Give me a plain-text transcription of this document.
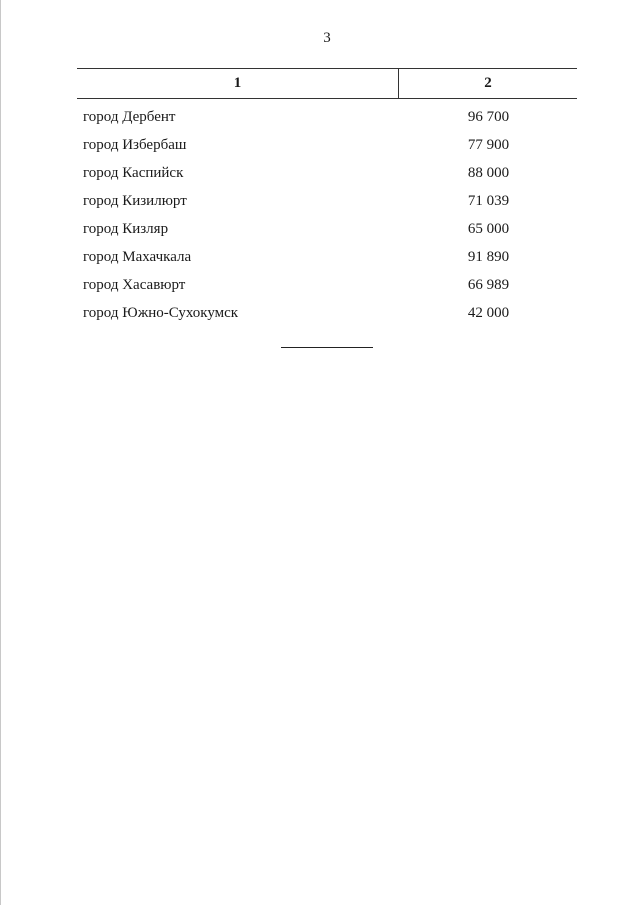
3
1	2
город Дербент	96 700
город Избербаш	77 900
город Каспийск	88 000
город Кизилюрт	71 039
город Кизляр	65 000
город Махачкала	91 890
город Хасавюрт	66 989
город Южно-Сухокумск	42 000
